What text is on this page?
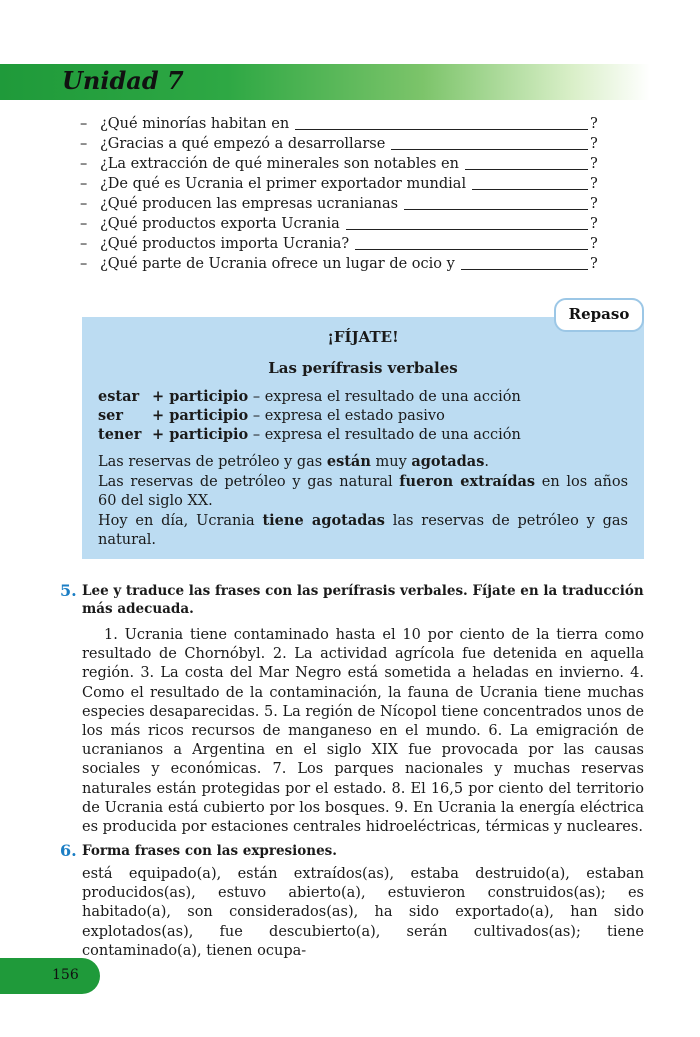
Unidad 7
– ¿Qué minorías habitan en	?
– ¿Gracias a qué empezó a desarrollarse	?
– ¿La extracción de qué minerales son notables en	?
– ¿De qué es Ucrania el primer exportador mundial	?
– ¿Qué producen las empresas ucranianas	?
– ¿Qué productos exporta Ucrania	?
– ¿Qué productos importa Ucrania?	?
– ¿Qué parte de Ucrania ofrece un lugar de ocio y	?
Repaso
¡FÍJATE!
Las perífrasis verbales
estar + participio – expresa el resultado de una acción
ser + participio – expresa el estado pasivo
tener + participio – expresa el resultado de una acción

Las reservas de petróleo y gas están muy agotadas.

Las reservas de petróleo y gas natural fueron extraídas en los años 60 del siglo XX.

Hoy en día, Ucrania tiene agotadas las reservas de petróleo y gas natural.

5. Lee y traduce las frases con las perífrasis verbales. Fíjate en la traducción más adecuada.

1. Ucrania tiene contaminado hasta el 10 por ciento de la tierra como resultado de Chornóbyl. 2. La actividad agrícola fue detenida en aquella región. 3. La costa del Mar Negro está sometida a heladas en invierno. 4. Como el resultado de la contaminación, la fauna de Ucrania tiene muchas especies desaparecidas. 5. La región de Nícopol tiene concentrados unos de los más ricos recursos de manganeso en el mundo. 6. La emigración de ucranianos a Argentina en el siglo XIX fue provocada por las causas sociales y económicas. 7. Los parques nacionales y muchas reservas naturales están protegidas por el estado. 8. El 16,5 por ciento del territorio de Ucrania está cubierto por los bosques. 9. En Ucrania la energía eléctrica es producida por estaciones centrales hidroeléctricas, térmicas y nucleares.

6. Forma frases con las expresiones.

está equipado(a), están extraídos(as), estaba destruido(a), estaban producidos(as), estuvo abierto(a), estuvieron construidos(as); es habitado(a), son considerados(as), ha sido exportado(a), han sido explotados(as), fue descubierto(a), serán cultivados(as); tiene contaminado(a), tienen ocupa-

156
